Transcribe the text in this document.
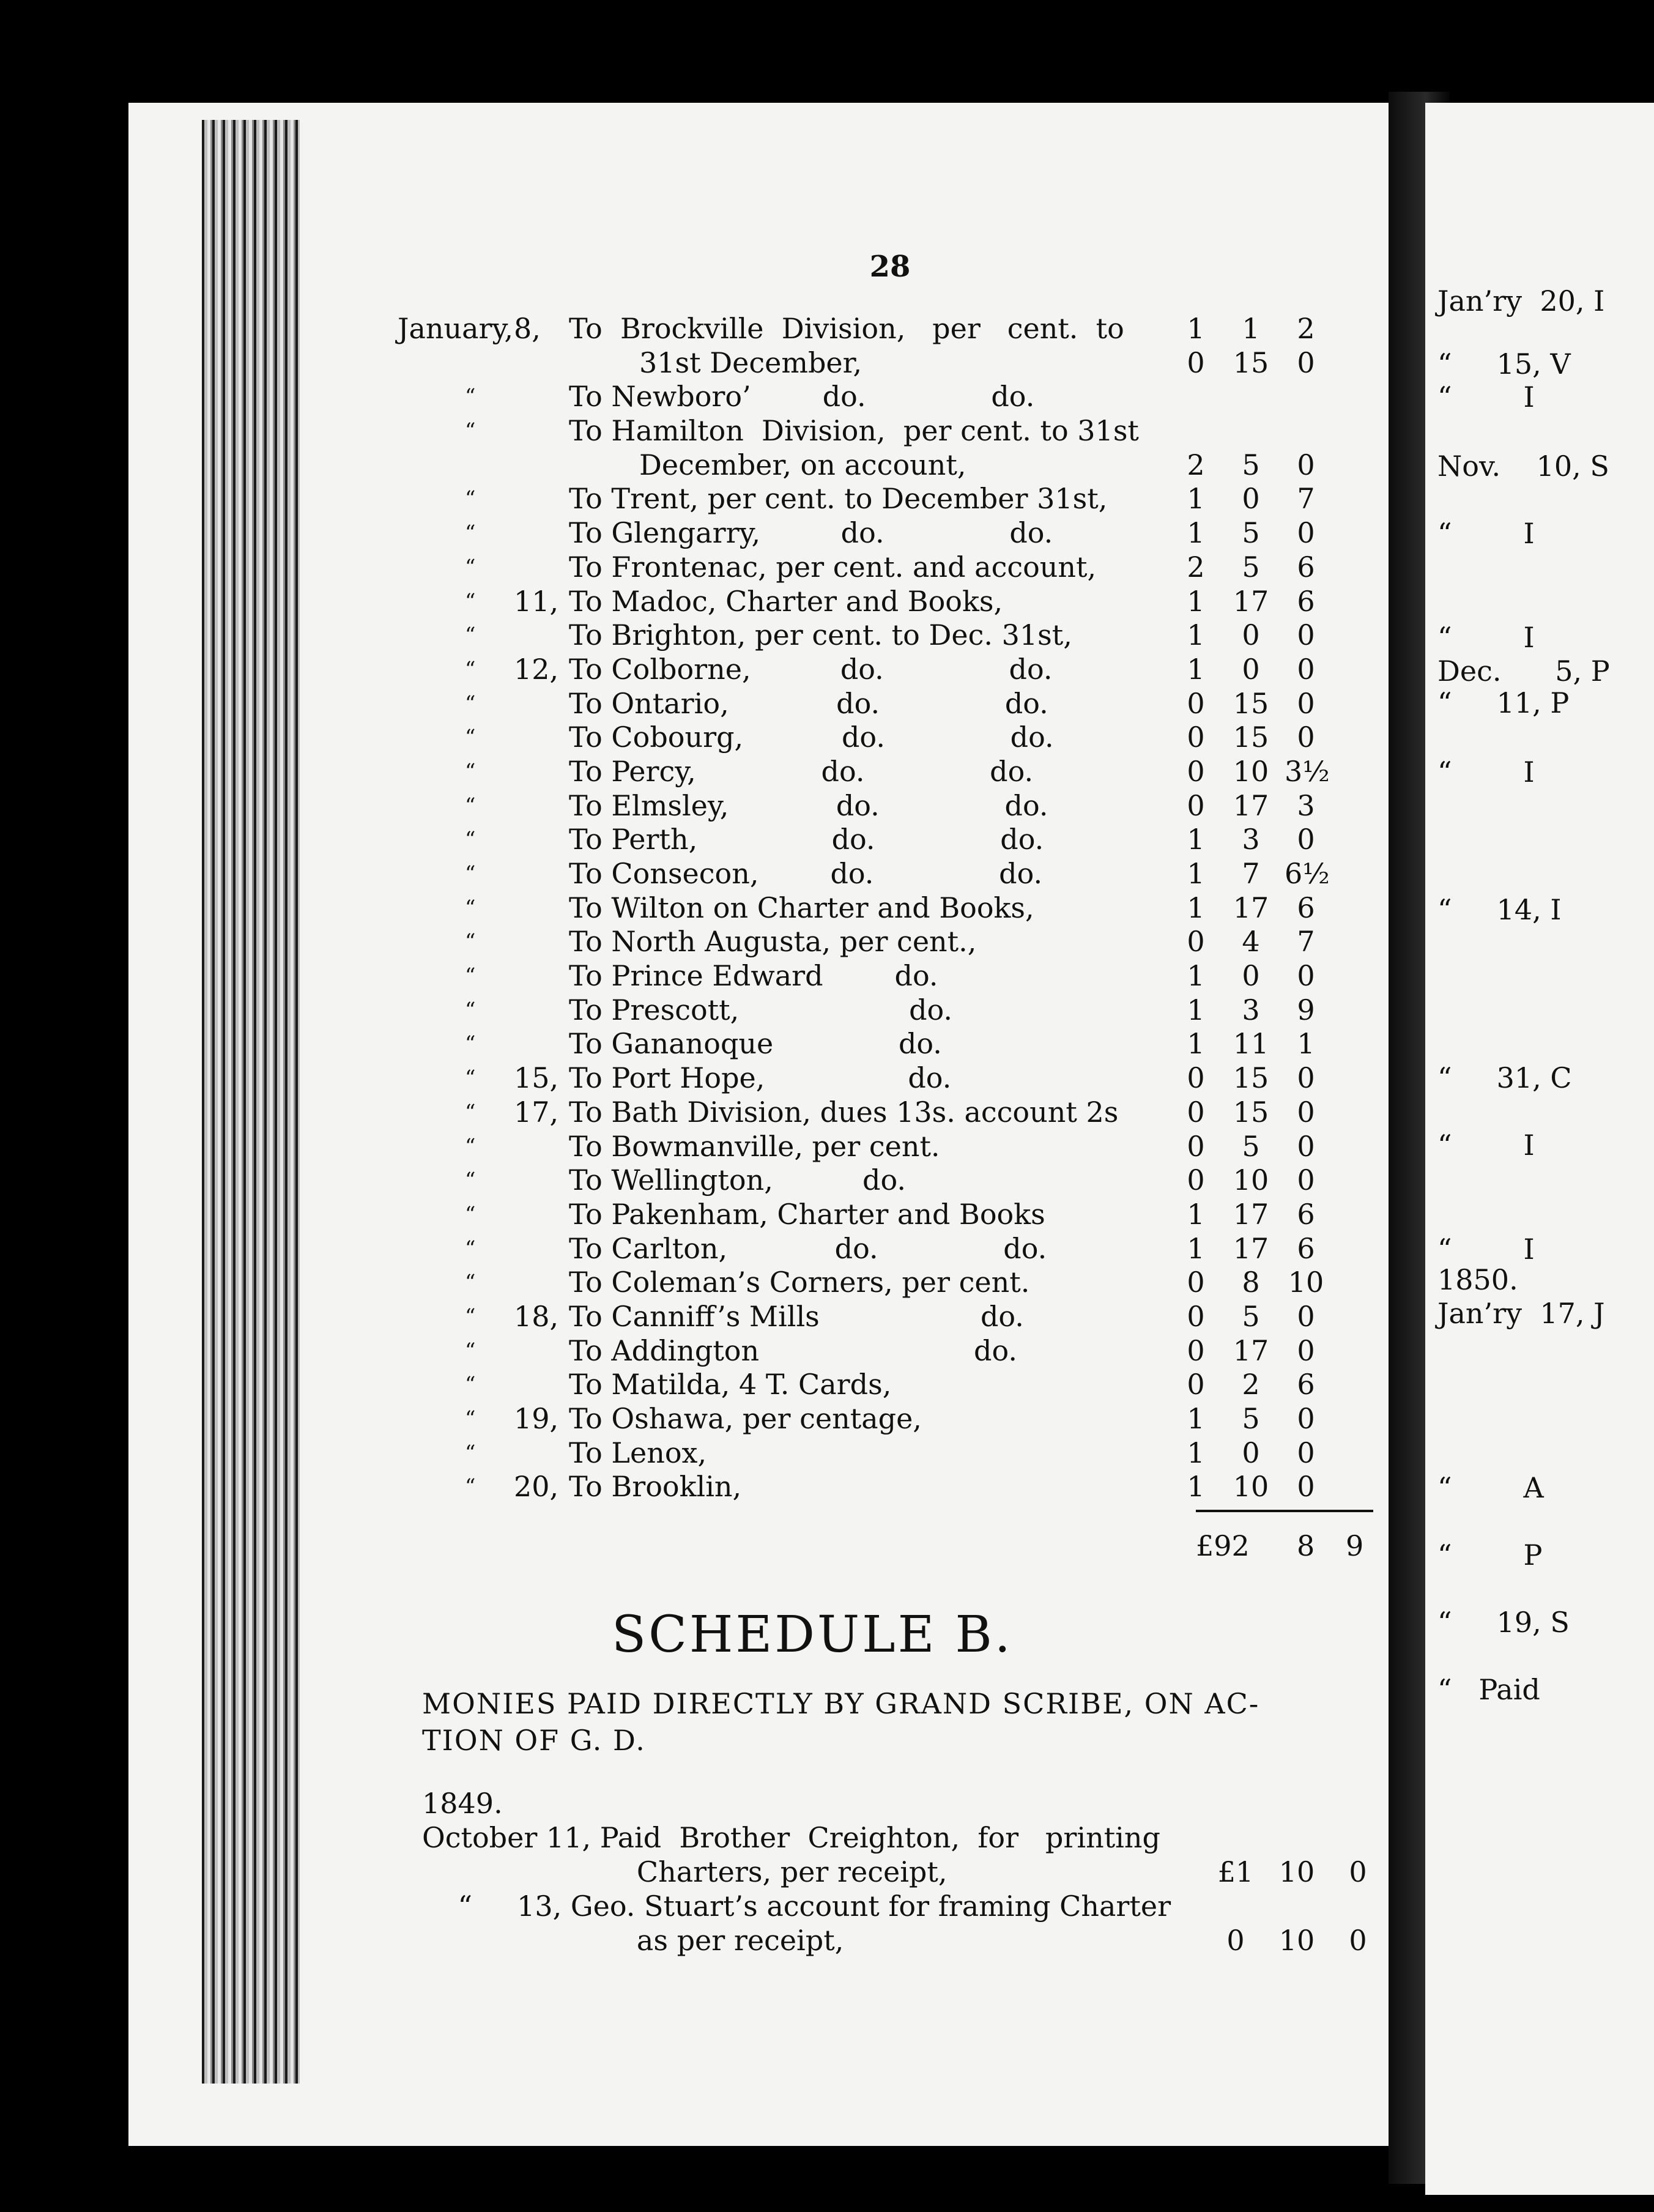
Jan’ry  20, I
“     15, V
“        I
Nov.    10, S
“        I
“        I
Dec.      5, P
“     11, P
“        I
“     14, I
“     31, C
“        I
“        I
1850.
Jan’ry  17, J
“        A
“        P
“     19, S
“   Paid
28
January, 8, To  Brockville  Division,   per   cent.  to	1	1	2
31st December,	0	15	0
“	To Newboro’        do.              do.
“	To Hamilton  Division,  per cent. to 31st
December, on account,	2	5	0
“	To Trent, per cent. to December 31st,	1	0	7
“	To Glengarry,         do.              do.	1	5	0
“	To Frontenac, per cent. and account,	2	5	6
“ 11, To Madoc, Charter and Books,	1	17	6
“	To Brighton, per cent. to Dec. 31st,	1	0	0
“ 12, To Colborne,          do.              do.	1	0	0
“	To Ontario,            do.              do.	0	15	0
“	To Cobourg,           do.              do.	0	15	0
“	To Percy,              do.              do.	0	10 3½
“	To Elmsley,            do.              do.	0	17	3
“	To Perth,               do.              do.	1	3	0
“	To Consecon,        do.              do.	1	7 6½
“	To Wilton on Charter and Books,	1	17	6
“	To North Augusta, per cent.,	0	4	7
“	To Prince Edward        do.	1	0	0
“	To Prescott,                   do.	1	3	9
“	To Gananoque              do.	1	11	1
“ 15, To Port Hope,                do.	0	15	0
“ 17, To Bath Division, dues 13s. account 2s	0	15	0
“	To Bowmanville, per cent.	0	5	0
“	To Wellington,          do.	0	10	0
“	To Pakenham, Charter and Books	1	17	6
“	To Carlton,            do.              do.	1	17	6
“	To Coleman’s Corners, per cent.	0	8	10
“ 18, To Canniff’s Mills                  do.	0	5	0
“	To Addington                        do.	0	17	0
“	To Matilda, 4 T. Cards,	0	2	6
“ 19, To Oshawa, per centage,	1	5	0
“	To Lenox,	1	0	0
“ 20, To Brooklin,	1	10	0
£92 8 9
SCHEDULE B.
MONIES PAID DIRECTLY BY GRAND SCRIBE, ON AC-

TION OF G. D.
1849.
October 11, Paid  Brother  Creighton,  for   printing
Charters, per receipt,	£1 10	0
“     13, Geo. Stuart’s account for framing Charter
as per receipt,	0	10	0
